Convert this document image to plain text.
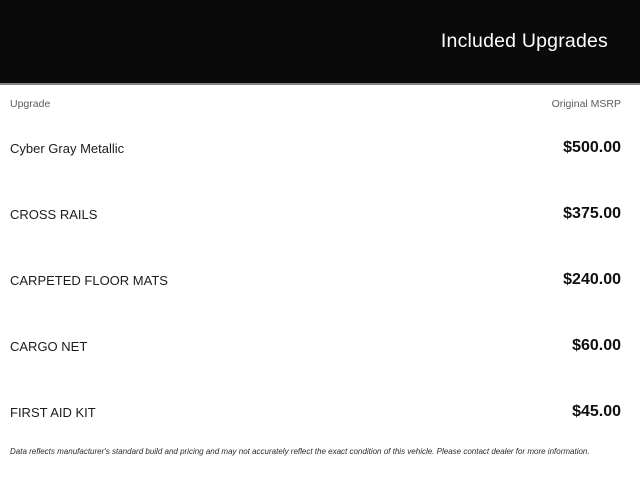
Included Upgrades
Upgrade	Original MSRP
Cyber Gray Metallic	$500.00
CROSS RAILS	$375.00
CARPETED FLOOR MATS	$240.00
CARGO NET	$60.00
FIRST AID KIT	$45.00
Data reflects manufacturer's standard build and pricing and may not accurately reflect the exact condition of this vehicle. Please contact dealer for more information.
